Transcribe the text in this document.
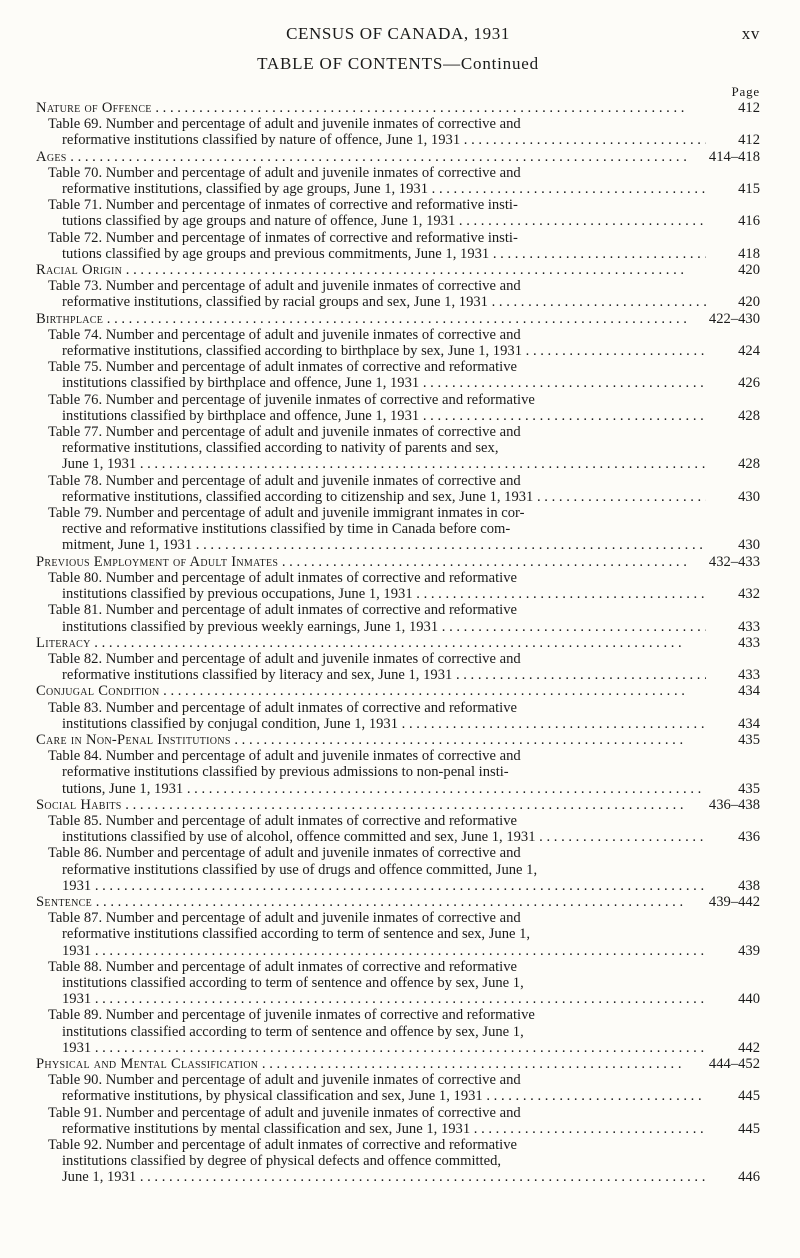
CENSUS OF CANADA, 1931	xv
TABLE OF CONTENTS—Continued
Page
Nature of Offence . . .	412
Table 69. Number and percentage of adult and juvenile inmates of corrective and
reformative institutions classified by nature of offence, June 1, 1931 . . .	412
Ages . . .	414–418
Table 70. Number and percentage of adult and juvenile inmates of corrective and
reformative institutions, classified by age groups, June 1, 1931 . . .	415
Table 71. Number and percentage of inmates of corrective and reformative insti-
tutions classified by age groups and nature of offence, June 1, 1931 . . .	416
Table 72. Number and percentage of inmates of corrective and reformative insti-
tutions classified by age groups and previous commitments, June 1, 1931 . . .	418
Racial Origin . . .	420
Table 73. Number and percentage of adult and juvenile inmates of corrective and
reformative institutions, classified by racial groups and sex, June 1, 1931 . . .	420
Birthplace . . .	422–430
Table 74. Number and percentage of adult and juvenile inmates of corrective and
reformative institutions, classified according to birthplace by sex, June 1, 1931 . . .	424
Table 75. Number and percentage of adult inmates of corrective and reformative
institutions classified by birthplace and offence, June 1, 1931 . . .	426
Table 76. Number and percentage of juvenile inmates of corrective and reformative
institutions classified by birthplace and offence, June 1, 1931 . . .	428
Table 77. Number and percentage of adult and juvenile inmates of corrective and
reformative institutions, classified according to nativity of parents and sex,
June 1, 1931 . . .	428
Table 78. Number and percentage of adult and juvenile inmates of corrective and
reformative institutions, classified according to citizenship and sex, June 1, 1931 . . .	430
Table 79. Number and percentage of adult and juvenile immigrant inmates in cor-
rective and reformative institutions classified by time in Canada before com-
mitment, June 1, 1931 . . .	430
Previous Employment of Adult Inmates . . .	432–433
Table 80. Number and percentage of adult inmates of corrective and reformative
institutions classified by previous occupations, June 1, 1931 . . .	432
Table 81. Number and percentage of adult inmates of corrective and reformative
institutions classified by previous weekly earnings, June 1, 1931 . . .	433
Literacy . . .	433
Table 82. Number and percentage of adult and juvenile inmates of corrective and
reformative institutions classified by literacy and sex, June 1, 1931 . . .	433
Conjugal Condition . . .	434
Table 83. Number and percentage of adult inmates of corrective and reformative
institutions classified by conjugal condition, June 1, 1931 . . .	434
Care in Non-Penal Institutions . . .	435
Table 84. Number and percentage of adult and juvenile inmates of corrective and
reformative institutions classified by previous admissions to non-penal insti-
tutions, June 1, 1931 . . .	435
Social Habits . . .	436–438
Table 85. Number and percentage of adult inmates of corrective and reformative
institutions classified by use of alcohol, offence committed and sex, June 1, 1931 . . .	436
Table 86. Number and percentage of adult and juvenile inmates of corrective and
reformative institutions classified by use of drugs and offence committed, June 1,
1931 . . .	438
Sentence . . .	439–442
Table 87. Number and percentage of adult and juvenile inmates of corrective and
reformative institutions classified according to term of sentence and sex, June 1,
1931 . . .	439
Table 88. Number and percentage of adult inmates of corrective and reformative
institutions classified according to term of sentence and offence by sex, June 1,
1931 . . .	440
Table 89. Number and percentage of juvenile inmates of corrective and reformative
institutions classified according to term of sentence and offence by sex, June 1,
1931 . . .	442
Physical and Mental Classification . . .	444–452
Table 90. Number and percentage of adult and juvenile inmates of corrective and
reformative institutions, by physical classification and sex, June 1, 1931 . . .	445
Table 91. Number and percentage of adult and juvenile inmates of corrective and
reformative institutions by mental classification and sex, June 1, 1931 . . .	445
Table 92. Number and percentage of adult inmates of corrective and reformative
institutions classified by degree of physical defects and offence committed,
June 1, 1931 . . .	446
